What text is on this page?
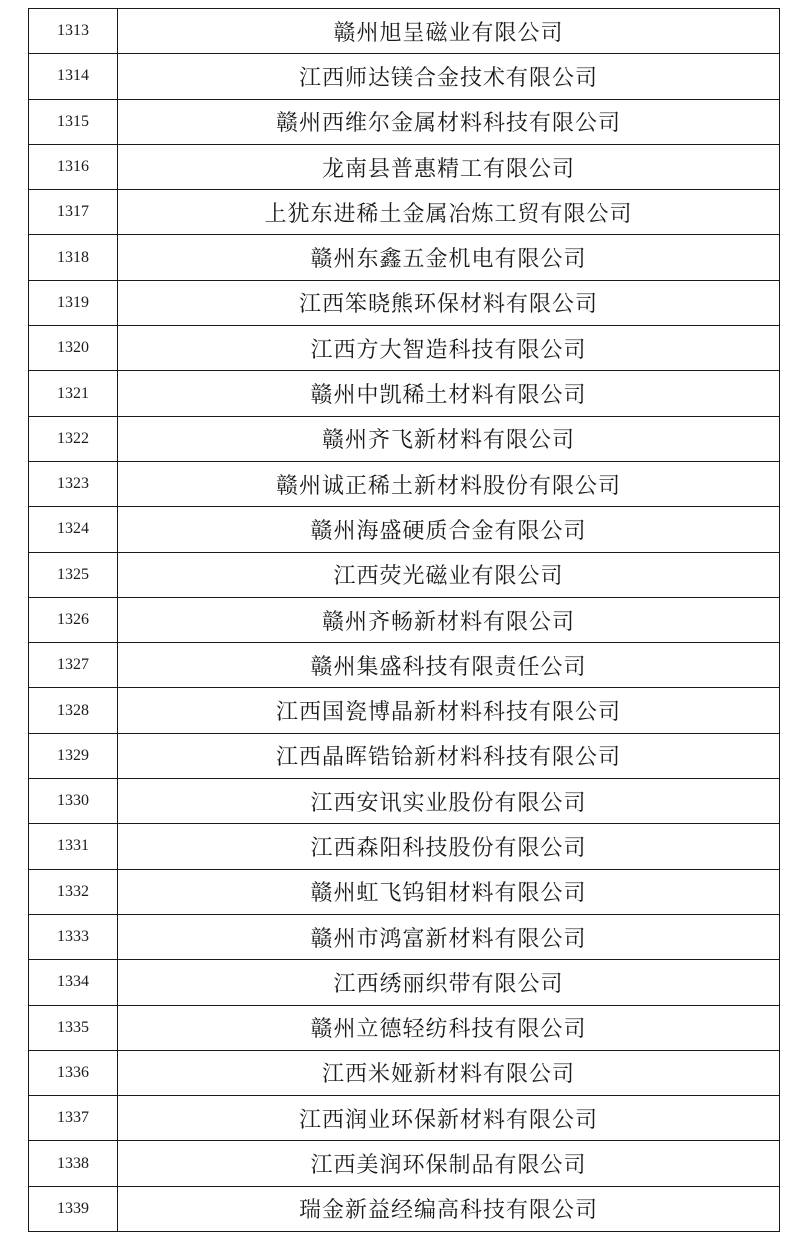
1313	赣州旭呈磁业有限公司
1314	江西师达镁合金技术有限公司
1315	赣州西维尔金属材料科技有限公司
1316	龙南县普惠精工有限公司
1317	上犹东进稀土金属冶炼工贸有限公司
1318	赣州东鑫五金机电有限公司
1319	江西笨晓熊环保材料有限公司
1320	江西方大智造科技有限公司
1321	赣州中凯稀土材料有限公司
1322	赣州齐飞新材料有限公司
1323	赣州诚正稀土新材料股份有限公司
1324	赣州海盛硬质合金有限公司
1325	江西荧光磁业有限公司
1326	赣州齐畅新材料有限公司
1327	赣州集盛科技有限责任公司
1328	江西国瓷博晶新材料科技有限公司
1329	江西晶晖锆铪新材料科技有限公司
1330	江西安讯实业股份有限公司
1331	江西森阳科技股份有限公司
1332	赣州虹飞钨钼材料有限公司
1333	赣州市鸿富新材料有限公司
1334	江西绣丽织带有限公司
1335	赣州立德轻纺科技有限公司
1336	江西米娅新材料有限公司
1337	江西润业环保新材料有限公司
1338	江西美润环保制品有限公司
1339	瑞金新益经编高科技有限公司
